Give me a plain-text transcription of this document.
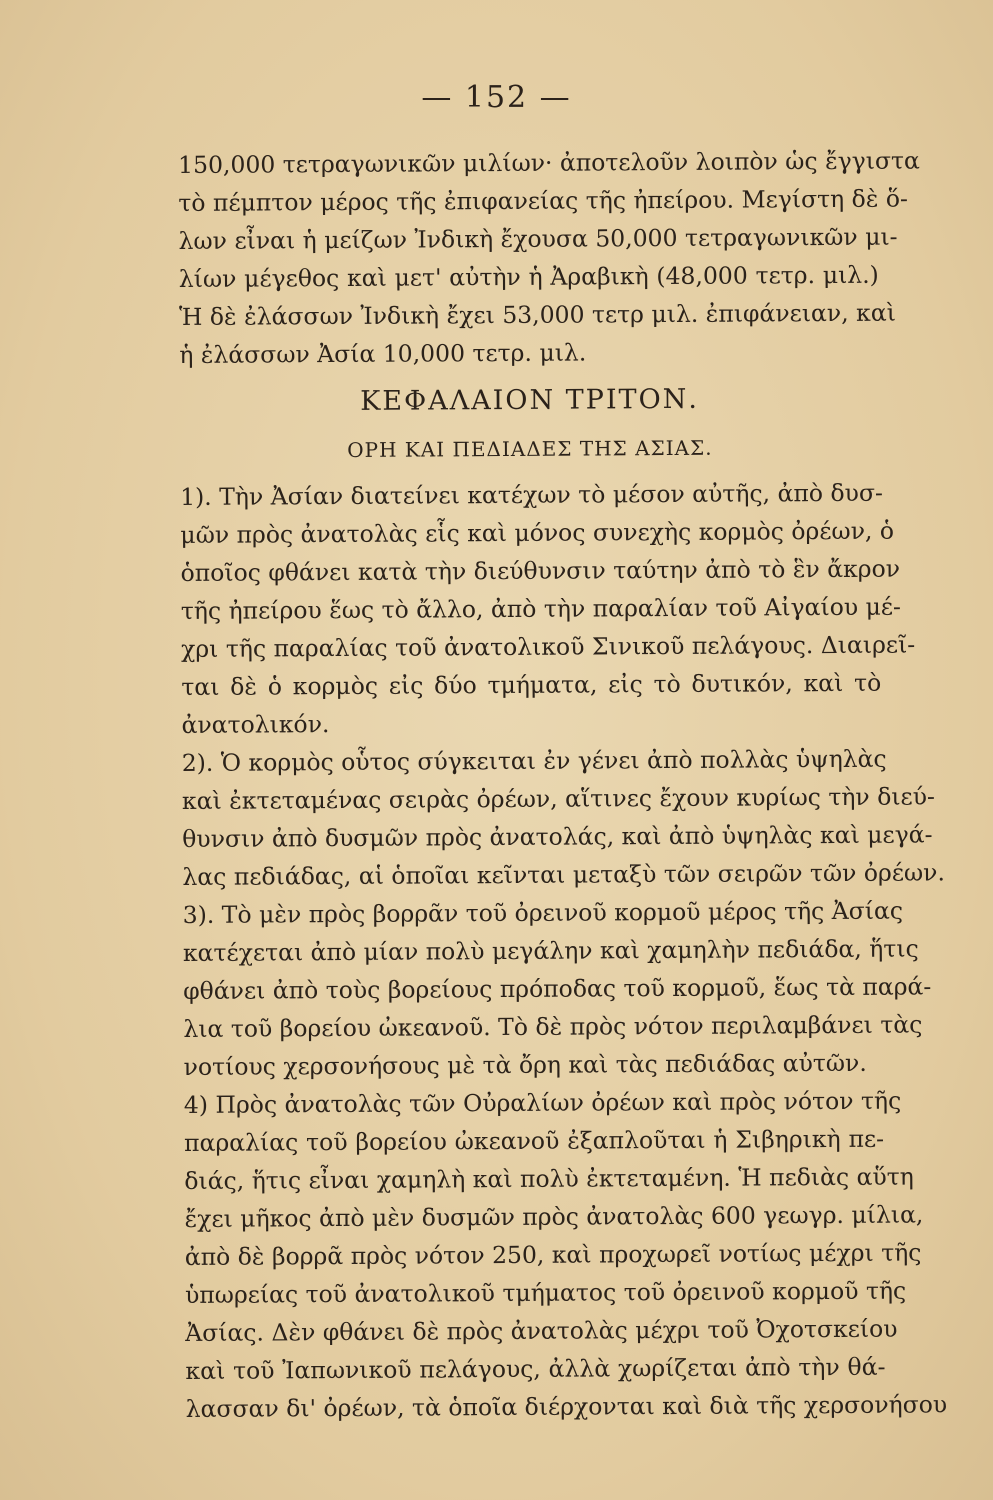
— 152 —
150,000 τετραγωνικῶν μιλίων· ἀποτελοῦν λοιπὸν ὡς ἔγγιστα
τὸ πέμπτον μέρος τῆς ἐπιφανείας τῆς ἠπείρου. Μεγίστη δὲ ὅ-
λων εἶναι ἡ μείζων Ἰνδικὴ ἔχουσα 50,000 τετραγωνικῶν μι-
λίων μέγεθος καὶ μετ' αὐτὴν ἡ Ἀραβικὴ (48,000 τετρ. μιλ.)
Ἡ δὲ ἐλάσσων Ἰνδικὴ ἔχει 53,000 τετρ μιλ. ἐπιφάνειαν, καὶ
ἡ ἐλάσσων Ἀσία 10,000 τετρ. μιλ.
ΚΕΦΑΛΑΙΟΝ ΤΡΙΤΟΝ.
ΟΡΗ ΚΑΙ ΠΕΔΙΑΔΕΣ ΤΗΣ ΑΣΙΑΣ.
1). Τὴν Ἀσίαν διατείνει κατέχων τὸ μέσον αὐτῆς, ἀπὸ δυσ-
μῶν πρὸς ἀνατολὰς εἷς καὶ μόνος συνεχὴς κορμὸς ὀρέων, ὁ
ὁποῖος φθάνει κατὰ τὴν διεύθυνσιν ταύτην ἀπὸ τὸ ἓν ἄκρον
τῆς ἠπείρου ἕως τὸ ἄλλο, ἀπὸ τὴν παραλίαν τοῦ Αἰγαίου μέ-
χρι τῆς παραλίας τοῦ ἀνατολικοῦ Σινικοῦ πελάγους. Διαιρεῖ-
ται δὲ ὁ κορμὸς εἰς δύο τμήματα, εἰς τὸ δυτικόν, καὶ τὸ
ἀνατολικόν.
2). Ὁ κορμὸς οὗτος σύγκειται ἐν γένει ἀπὸ πολλὰς ὑψηλὰς
καὶ ἐκτεταμένας σειρὰς ὀρέων, αἵτινες ἔχουν κυρίως τὴν διεύ-
θυνσιν ἀπὸ δυσμῶν πρὸς ἀνατολάς, καὶ ἀπὸ ὑψηλὰς καὶ μεγά-
λας πεδιάδας, αἱ ὁποῖαι κεῖνται μεταξὺ τῶν σειρῶν τῶν ὀρέων.
3). Τὸ μὲν πρὸς βορρᾶν τοῦ ὀρεινοῦ κορμοῦ μέρος τῆς Ἀσίας
κατέχεται ἀπὸ μίαν πολὺ μεγάλην καὶ χαμηλὴν πεδιάδα, ἥτις
φθάνει ἀπὸ τοὺς βορείους πρόποδας τοῦ κορμοῦ, ἕως τὰ παρά-
λια τοῦ βορείου ὠκεανοῦ. Τὸ δὲ πρὸς νότον περιλαμβάνει τὰς
νοτίους χερσονήσους μὲ τὰ ὄρη καὶ τὰς πεδιάδας αὐτῶν.
4) Πρὸς ἀνατολὰς τῶν Οὐραλίων ὀρέων καὶ πρὸς νότον τῆς
παραλίας τοῦ βορείου ὠκεανοῦ ἐξαπλοῦται ἡ Σιβηρικὴ πε-
διάς, ἥτις εἶναι χαμηλὴ καὶ πολὺ ἐκτεταμένη. Ἡ πεδιὰς αὕτη
ἔχει μῆκος ἀπὸ μὲν δυσμῶν πρὸς ἀνατολὰς 600 γεωγρ. μίλια,
ἀπὸ δὲ βορρᾶ πρὸς νότον 250, καὶ προχωρεῖ νοτίως μέχρι τῆς
ὑπωρείας τοῦ ἀνατολικοῦ τμήματος τοῦ ὀρεινοῦ κορμοῦ τῆς
Ἀσίας. Δὲν φθάνει δὲ πρὸς ἀνατολὰς μέχρι τοῦ Ὀχοτσκείου
καὶ τοῦ Ἰαπωνικοῦ πελάγους, ἀλλὰ χωρίζεται ἀπὸ τὴν θά-
λασσαν δι' ὀρέων, τὰ ὁποῖα διέρχονται καὶ διὰ τῆς χερσονήσου
